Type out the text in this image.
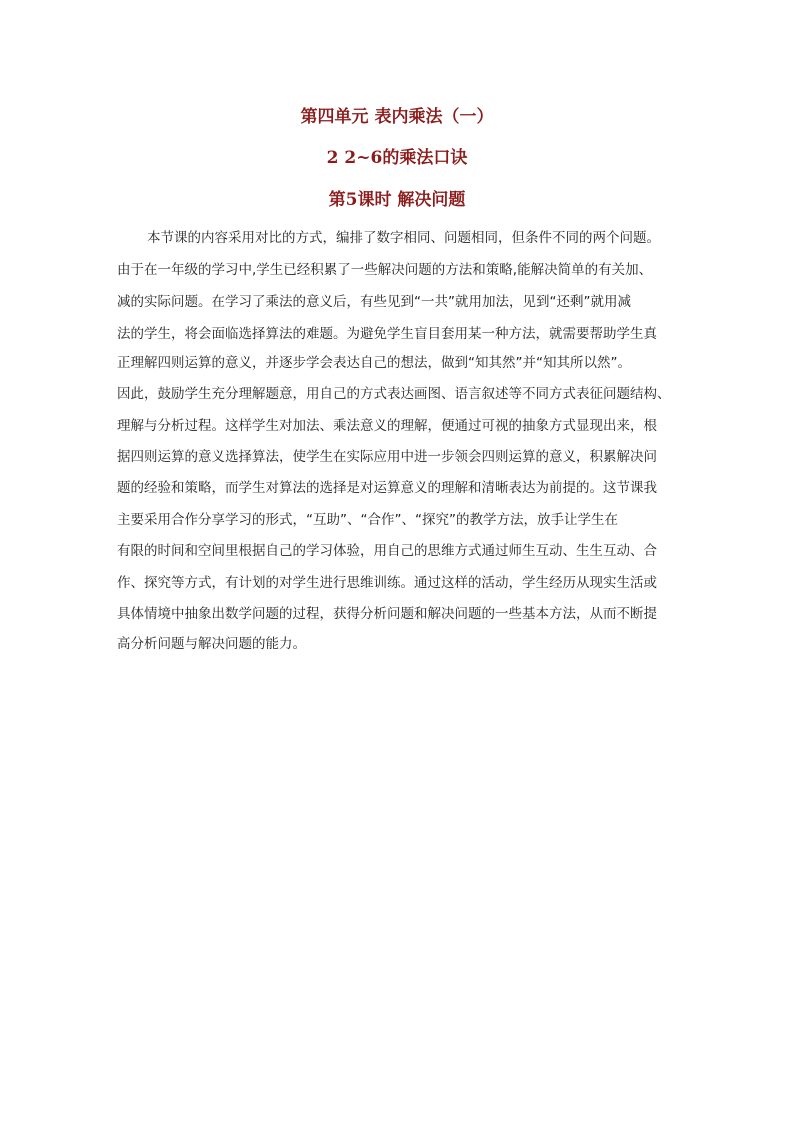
第四单元 表内乘法（一）
2 2~6的乘法口诀
第5课时 解决问题
本节课的内容采用对比的方式，编排了数字相同、问题相同，但条件不同的两个问题。
由于在一年级的学习中,学生已经积累了一些解决问题的方法和策略,能解决简单的有关加、
减的实际问题。在学习了乘法的意义后，有些见到“一共”就用加法，见到“还剩”就用减
法的学生，将会面临选择算法的难题。为避免学生盲目套用某一种方法，就需要帮助学生真
正理解四则运算的意义，并逐步学会表达自己的想法，做到“知其然”并“知其所以然”。
因此，鼓励学生充分理解题意，用自己的方式表达画图、语言叙述等不同方式表征问题结构、
理解与分析过程。这样学生对加法、乘法意义的理解，便通过可视的抽象方式显现出来，根
据四则运算的意义选择算法，使学生在实际应用中进一步领会四则运算的意义，积累解决问
题的经验和策略，而学生对算法的选择是对运算意义的理解和清晰表达为前提的。这节课我
主要采用合作分享学习的形式，“互助”、“合作”、“探究”的教学方法，放手让学生在
有限的时间和空间里根据自己的学习体验，用自己的思维方式通过师生互动、生生互动、合
作、探究等方式，有计划的对学生进行思维训练。通过这样的活动，学生经历从现实生活或
具体情境中抽象出数学问题的过程，获得分析问题和解决问题的一些基本方法，从而不断提
高分析问题与解决问题的能力。
